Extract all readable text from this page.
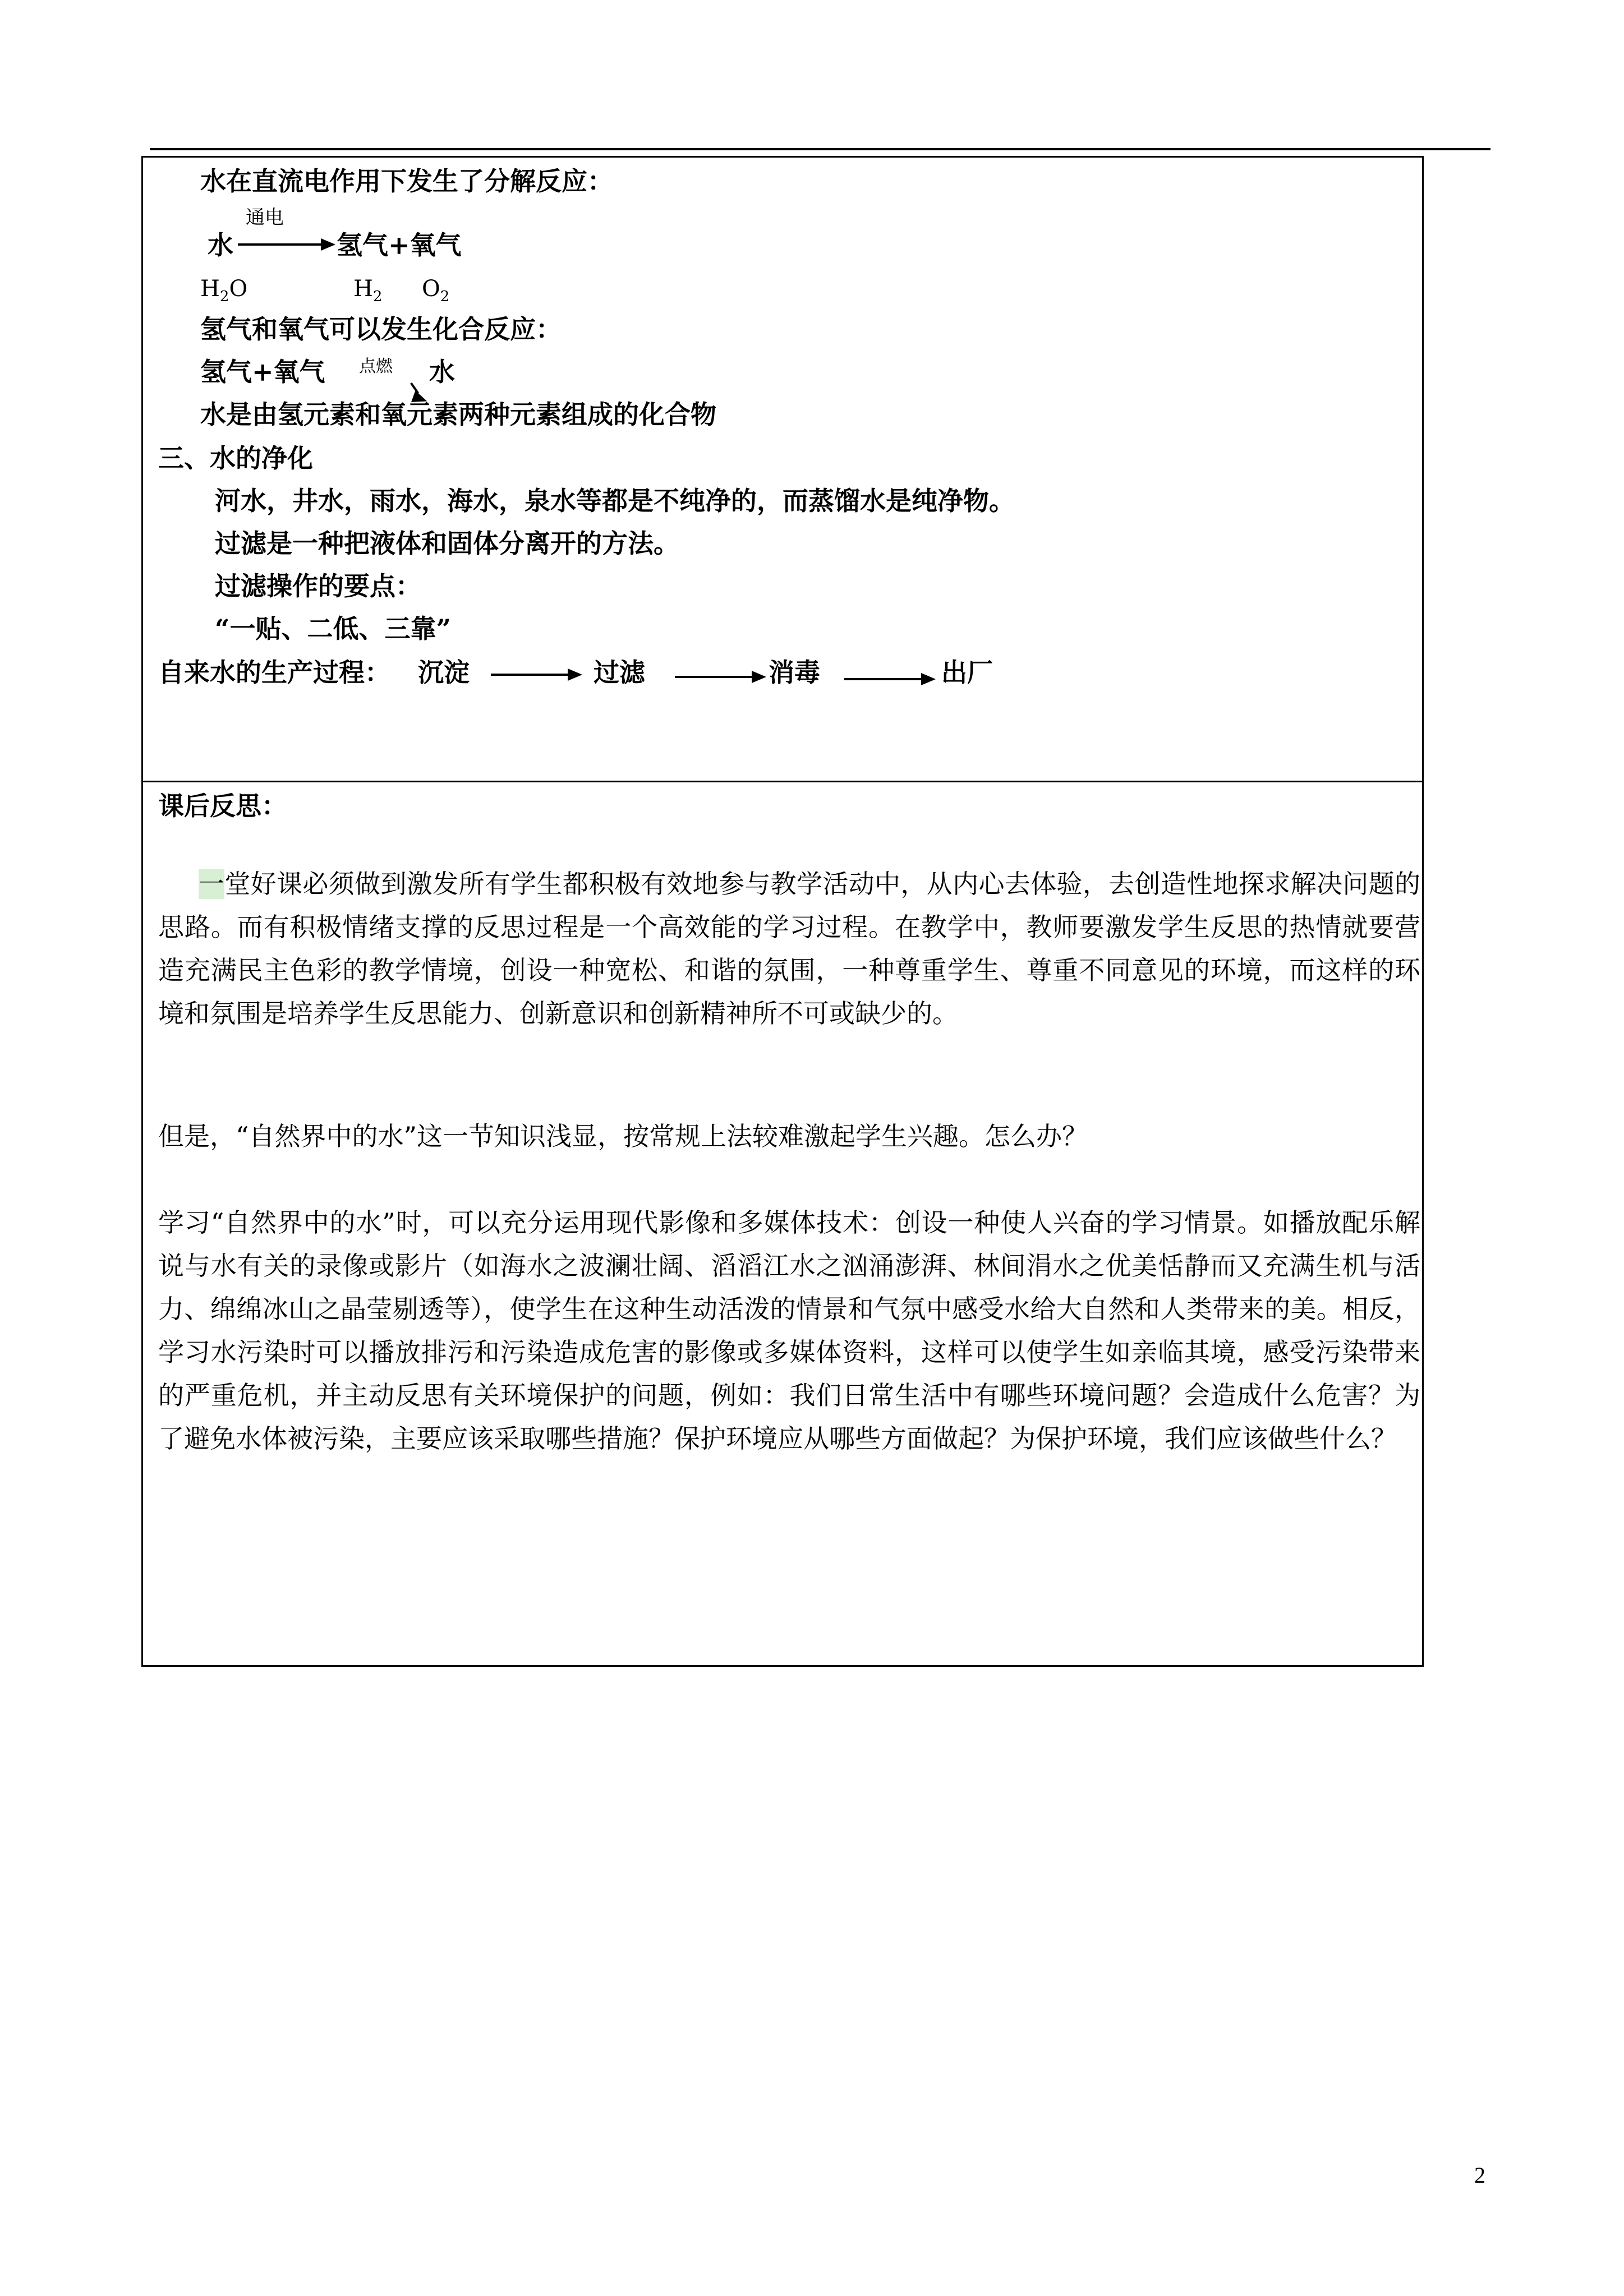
水在直流电作用下发生了分解反应：
通电
水	氢气+氧气
$H_2O$	$H_2$ $O_2$
氢气和氧气可以发生化合反应：
氢气+氧气 点燃 水
水是由氢元素和氧元素两种元素组成的化合物
三、水的净化
河水，井水，雨水，海水，泉水等都是不纯净的，而蒸馏水是纯净物。
过滤是一种把液体和固体分离开的方法。
过滤操作的要点：
“一贴、二低、三靠”
自来水的生产过程： 沉淀	过滤	消毒	出厂
课后反思：
一堂好课必须做到激发所有学生都积极有效地参与教学活动中，从内心去体验，去创造性地探求解决问题的思路。而有积极情绪支撑的反思过程是一个高效能的学习过程。在教学中，教师要激发学生反思的热情就要营造充满民主色彩的教学情境，创设一种宽松、和谐的氛围，一种尊重学生、尊重不同意见的环境，而这样的环境和氛围是培养学生反思能力、创新意识和创新精神所不可或缺少的。
但是，“自然界中的水”这一节知识浅显，按常规上法较难激起学生兴趣。怎么办？
学习“自然界中的水”时，可以充分运用现代影像和多媒体技术：创设一种使人兴奋的学习情景。如播放配乐解说与水有关的录像或影片（如海水之波澜壮阔、滔滔江水之汹涌澎湃、林间涓水之优美恬静而又充满生机与活力、绵绵冰山之晶莹剔透等），使学生在这种生动活泼的情景和气氛中感受水给大自然和人类带来的美。相反，学习水污染时可以播放排污和污染造成危害的影像或多媒体资料，这样可以使学生如亲临其境，感受污染带来的严重危机，并主动反思有关环境保护的问题，例如：我们日常生活中有哪些环境问题？会造成什么危害？为了避免水体被污染，主要应该采取哪些措施？保护环境应从哪些方面做起？为保护环境，我们应该做些什么？
2
